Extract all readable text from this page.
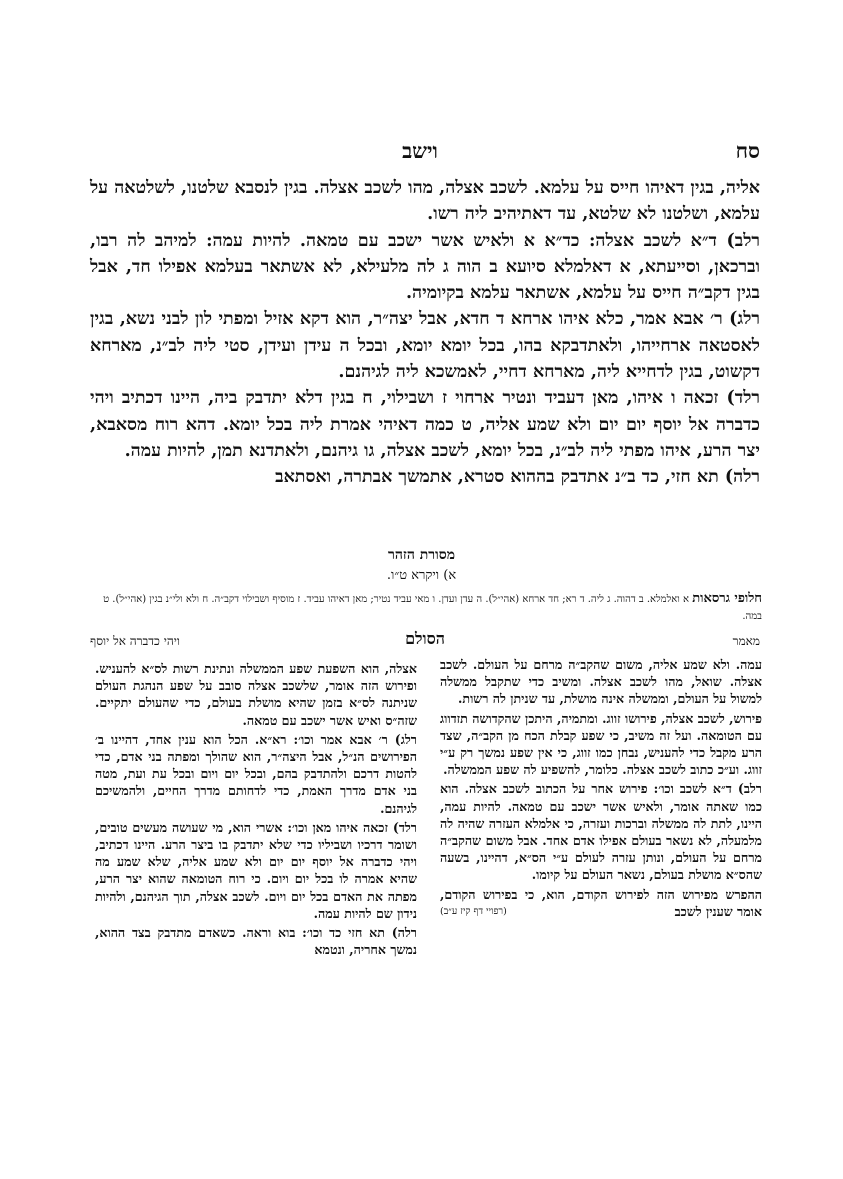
סח
וישב

אליה, בגין דאיהו חייס על עלמא. לשכב אצלה, מהו לשכב אצלה. בגין לנסבא שלטנו, לשלטאה על עלמא, ושלטנו לא שלטא, עד דאתיהיב ליה רשו.

רלב) ד״א לשכב אצלה: כד״א א ולאיש אשר ישכב עם טמאה. להיות עמה: למיהב לה רבו, וברכאן, וסייעתא, א דאלמלא סיועא ב הוה ג לה מלעילא, לא אשתאר בעלמא אפילו חד, אבל בגין דקב״ה חייס על עלמא, אשתאר עלמא בקיומיה.

רלג) ר׳ אבא אמר, כלא איהו ארחא ד חדא, אבל יצה״ר, הוא דקא אזיל ומפתי לון לבני נשא, בגין לאסטאה ארחייהו, ולאתדבקא בהו, בכל יומא יומא, ובכל ה עידן ועידן, סטי ליה לב״נ, מארחא דקשוט, בגין לדחייא ליה, מארחא דחיי, לאמשכא ליה לגיהנם.

רלד) זכאה ו איהו, מאן דעביד ונטיר ארחוי ז ושבילוי, ח בגין דלא יתדבק ביה, היינו דכתיב ויהי כדברה אל יוסף יום יום ולא שמע אליה, ט כמה דאיהי אמרת ליה בכל יומא. דהא רוח מסאבא, יצר הרע, איהו מפתי ליה לב״נ, בכל יומא, לשכב אצלה, גו גיהנם, ולאתדנא תמן, להיות עמה.

רלה) תא חזי, כד ב״נ אתדבק בההוא סטרא, אתמשך אבתרה, ואסתאב

מסורת הזהר
א) ויקרא ט״ו.
חלופי גרסאות א ואלמלא. ב דהוה. ג ליה. ד רא; חד ארחא (אהי״ל). ה עדן ועדן. ו מאי עביד נטיר; מאן דאיהו עביד. ז מוסיף ושבילוי דקב״ה. ח ולא ולי״נ בגין (אהי״ל). ט במה.
מאמר
הסולם
ויהי כדברה אל יוסף

עמה. ולא שמע אליה, משום שהקב״ה מרחם על העולם. לשכב אצלה. שואל, מהו לשכב אצלה. ומשיב כדי שתקבל ממשלה למשול על העולם, וממשלה אינה מושלת, עד שניתן לה רשות.

פירוש, לשכב אצלה, פירושו זווג. ומתמיה, היתכן שהקדושה תזדווג עם הטומאה. ועל זה משיב, כי שפע קבלת הכח מן הקב״ה, שצד הרע מקבל כדי להעניש, נבחן כמו זווג, כי אין שפע נמשך רק ע״י זווג. וע״כ כתוב לשכב אצלה. כלומר, להשפיע לה שפע הממשלה.

רלב) ד״א לשכב וכו׳: פירוש אחר על הכתוב לשכב אצלה. הוא כמו שאתה אומר, ולאיש אשר ישכב עם טמאה. להיות עמה, היינו, לתת לה ממשלה וברכות ועזרה, כי אלמלא העזרה שהיה לה מלמעלה, לא נשאר בעולם אפילו אדם אחד. אבל משום שהקב״ה מרחם על העולם, ונותן עזרה לעולם ע״י הס״א, דהיינו, בשעה שהס״א מושלת בעולם, נשאר העולם על קיומו.

ההפרש מפירוש הזה לפירוש הקודם, הוא, כי בפירוש הקודם, אומר שענין לשכב

אצלה, הוא השפעת שפע הממשלה ונתינת רשות לס״א להעניש. ופירוש הזה אומר, שלשכב אצלה סובב על שפע הנהגת העולם שניתנה לס״א בזמן שהיא מושלת בעולם, כדי שהעולם יתקיים. שזה״ס ואיש אשר ישכב עם טמאה.

רלג) ר׳ אבא אמר וכו׳: רא״א. הכל הוא ענין אחד, דהיינו ב׳ הפירושים הנ״ל, אבל היצה״ר, הוא שהולך ומפתה בני אדם, כדי להטות דרכם ולהתדבק בהם, ובכל יום ויום ובכל עת ועת, מטה בני אדם מדרך האמת, כדי לדחותם מדרך החיים, ולהמשיכם לגיהנם.

רלד) זכאה איהו מאן וכו׳: אשרי הוא, מי שעושה מעשים טובים, ושומר דרכיו ושביליו כדי שלא יתדבק בו ביצר הרע. היינו דכתיב, ויהי כדברה אל יוסף יום יום ולא שמע אליה, שלא שמע מה שהיא אמרה לו בכל יום ויום. כי רוח הטומאה שהוא יצר הרע, מפתה את האדם בכל יום ויום. לשכב אצלה, תוך הגיהנם, ולהיות נידון שם להיות עמה.

רלה) תא חזי כד וכו׳: בוא וראה. כשאדם מתדבק בצד ההוא, נמשך אחריה, ונטמא

(רפויי דף קיז ע״ב)
